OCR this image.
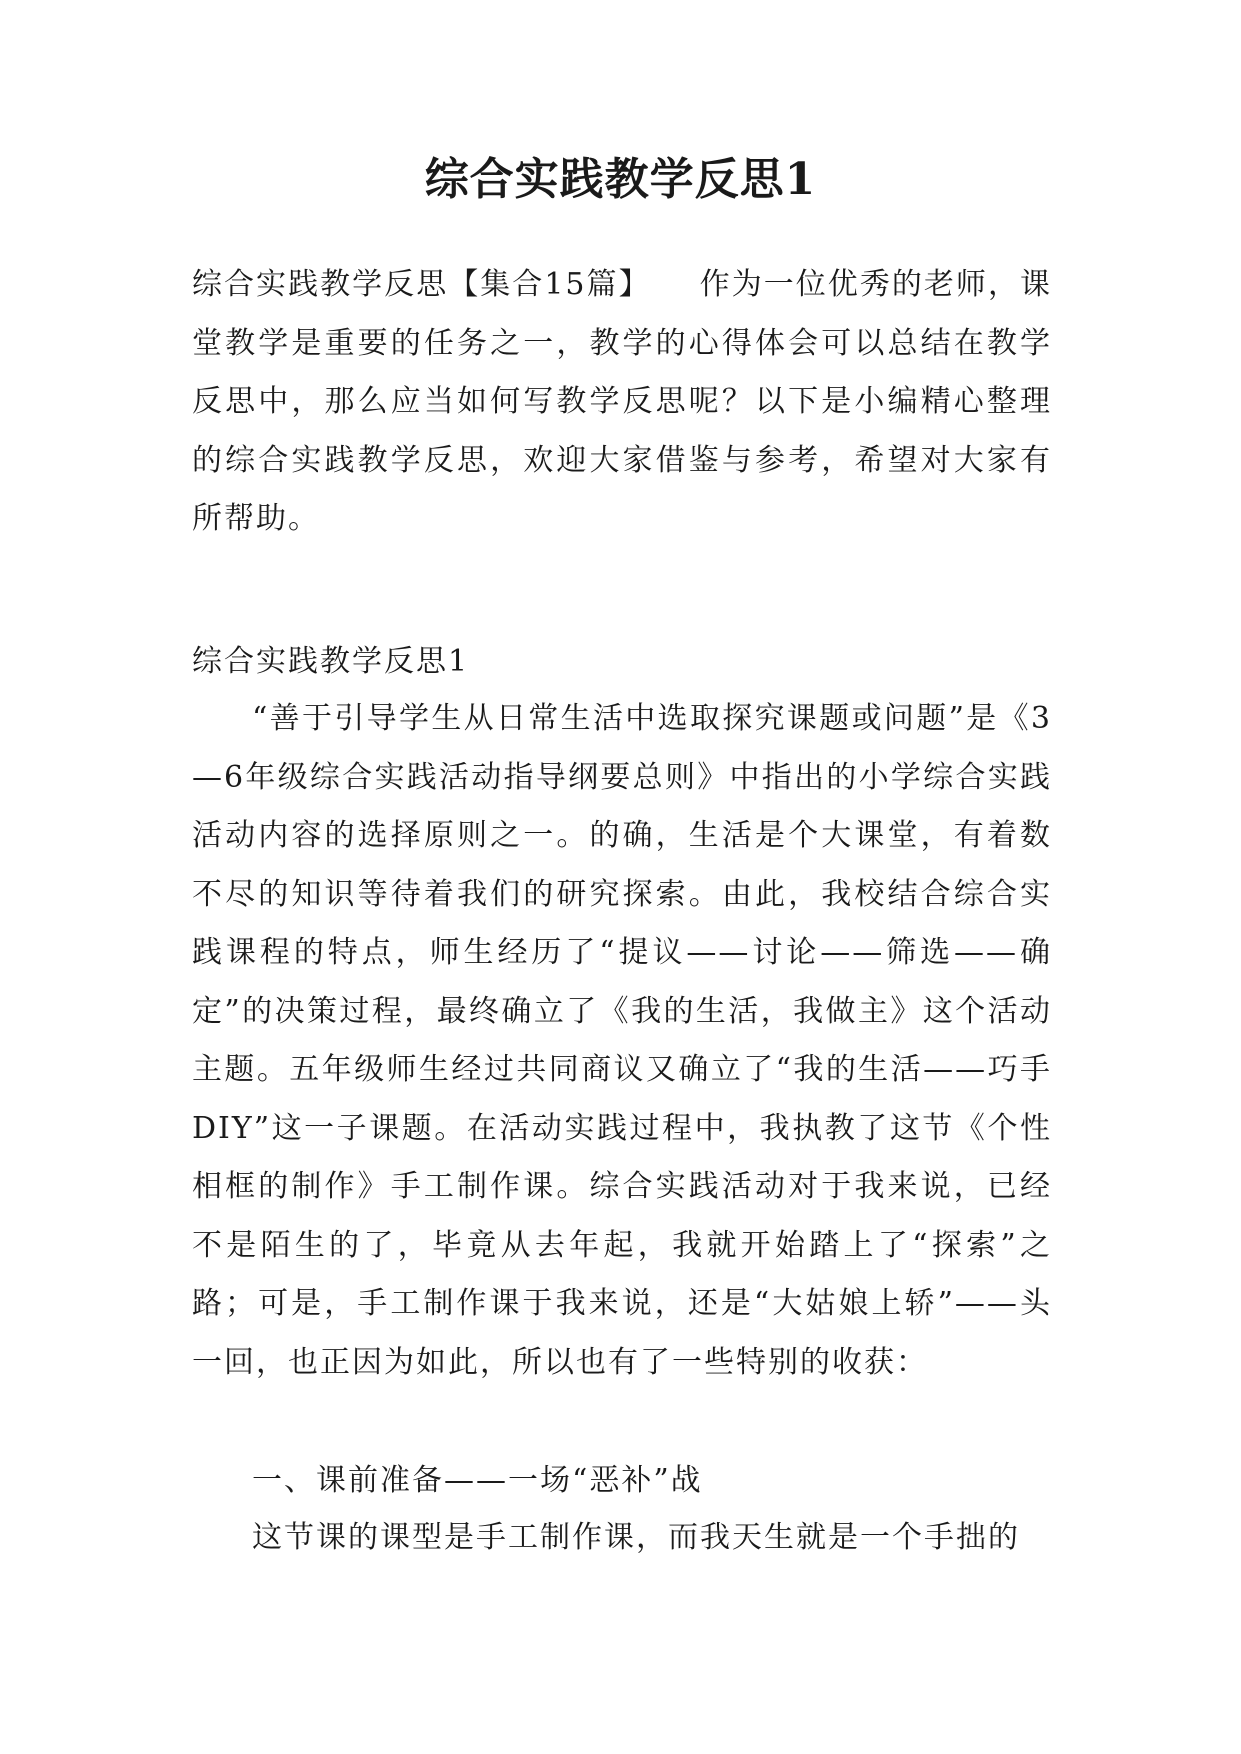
综合实践教学反思1

综合实践教学反思【集合15篇】　　作为一位优秀的老师，课堂教学是重要的任务之一，教学的心得体会可以总结在教学反思中，那么应当如何写教学反思呢？以下是小编精心整理的综合实践教学反思，欢迎大家借鉴与参考，希望对大家有所帮助。

综合实践教学反思1

“善于引导学生从日常生活中选取探究课题或问题”是《3—6年级综合实践活动指导纲要总则》中指出的小学综合实践活动内容的选择原则之一。的确，生活是个大课堂，有着数不尽的知识等待着我们的研究探索。由此，我校结合综合实践课程的特点，师生经历了“提议——讨论——筛选——确定”的决策过程，最终确立了《我的生活，我做主》这个活动主题。五年级师生经过共同商议又确立了“我的生活——巧手DIY”这一子课题。在活动实践过程中，我执教了这节《个性相框的制作》手工制作课。综合实践活动对于我来说，已经不是陌生的了，毕竟从去年起，我就开始踏上了“探索”之路；可是，手工制作课于我来说，还是“大姑娘上轿”——头一回，也正因为如此，所以也有了一些特别的收获：

一、课前准备——一场“恶补”战

这节课的课型是手工制作课，而我天生就是一个手拙的
